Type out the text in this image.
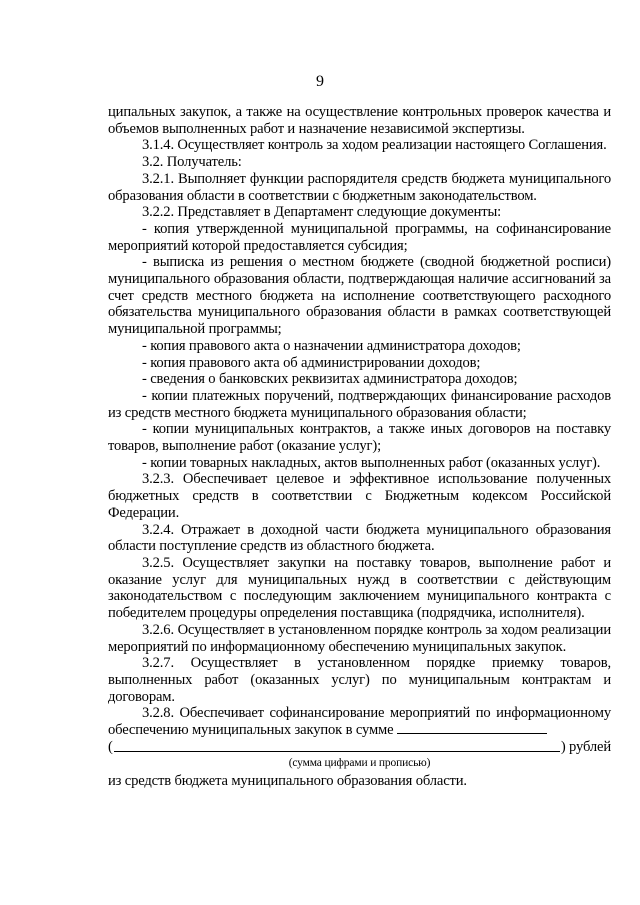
9

ципальных закупок, а также на осуществление контрольных проверок качества и объемов выполненных работ и назначение независимой экспертизы.

3.1.4. Осуществляет контроль за ходом реализации настоящего Соглашения.

3.2. Получатель:

3.2.1. Выполняет функции распорядителя средств бюджета муниципального образования области в соответствии с бюджетным законодательством.

3.2.2. Представляет в Департамент следующие документы:

- копия утвержденной муниципальной программы, на софинансирование мероприятий которой предоставляется субсидия;

- выписка из решения о местном бюджете (сводной бюджетной росписи) муниципального образования области, подтверждающая наличие ассигнований за счет средств местного бюджета на исполнение соответствующего расходного обязательства муниципального образования области в рамках соответствующей муниципальной программы;

- копия правового акта о назначении администратора доходов;

- копия правового акта об администрировании доходов;

- сведения о банковских реквизитах администратора доходов;

- копии платежных поручений, подтверждающих финансирование расходов из средств местного бюджета муниципального образования области;

- копии муниципальных контрактов, а также иных договоров на поставку товаров, выполнение работ (оказание услуг);

- копии товарных накладных, актов выполненных работ (оказанных услуг).

3.2.3. Обеспечивает целевое и эффективное использование полученных бюджетных средств в соответствии с Бюджетным кодексом Российской Федерации.

3.2.4. Отражает в доходной части бюджета муниципального образования области поступление средств из областного бюджета.

3.2.5. Осуществляет закупки на поставку товаров, выполнение работ и оказание услуг для муниципальных нужд в соответствии с действующим законодательством с последующим заключением муниципального контракта с победителем процедуры определения поставщика (подрядчика, исполнителя).

3.2.6. Осуществляет в установленном порядке контроль за ходом реализации мероприятий по информационному обеспечению муниципальных закупок.

3.2.7. Осуществляет в установленном порядке приемку товаров, выполненных работ (оказанных услуг) по муниципальным контрактам и договорам.

3.2.8. Обеспечивает софинансирование мероприятий по информационному обеспечению муниципальных закупок в сумме

(	) рублей
(сумма цифрами и прописью)

из средств бюджета муниципального образования области.
